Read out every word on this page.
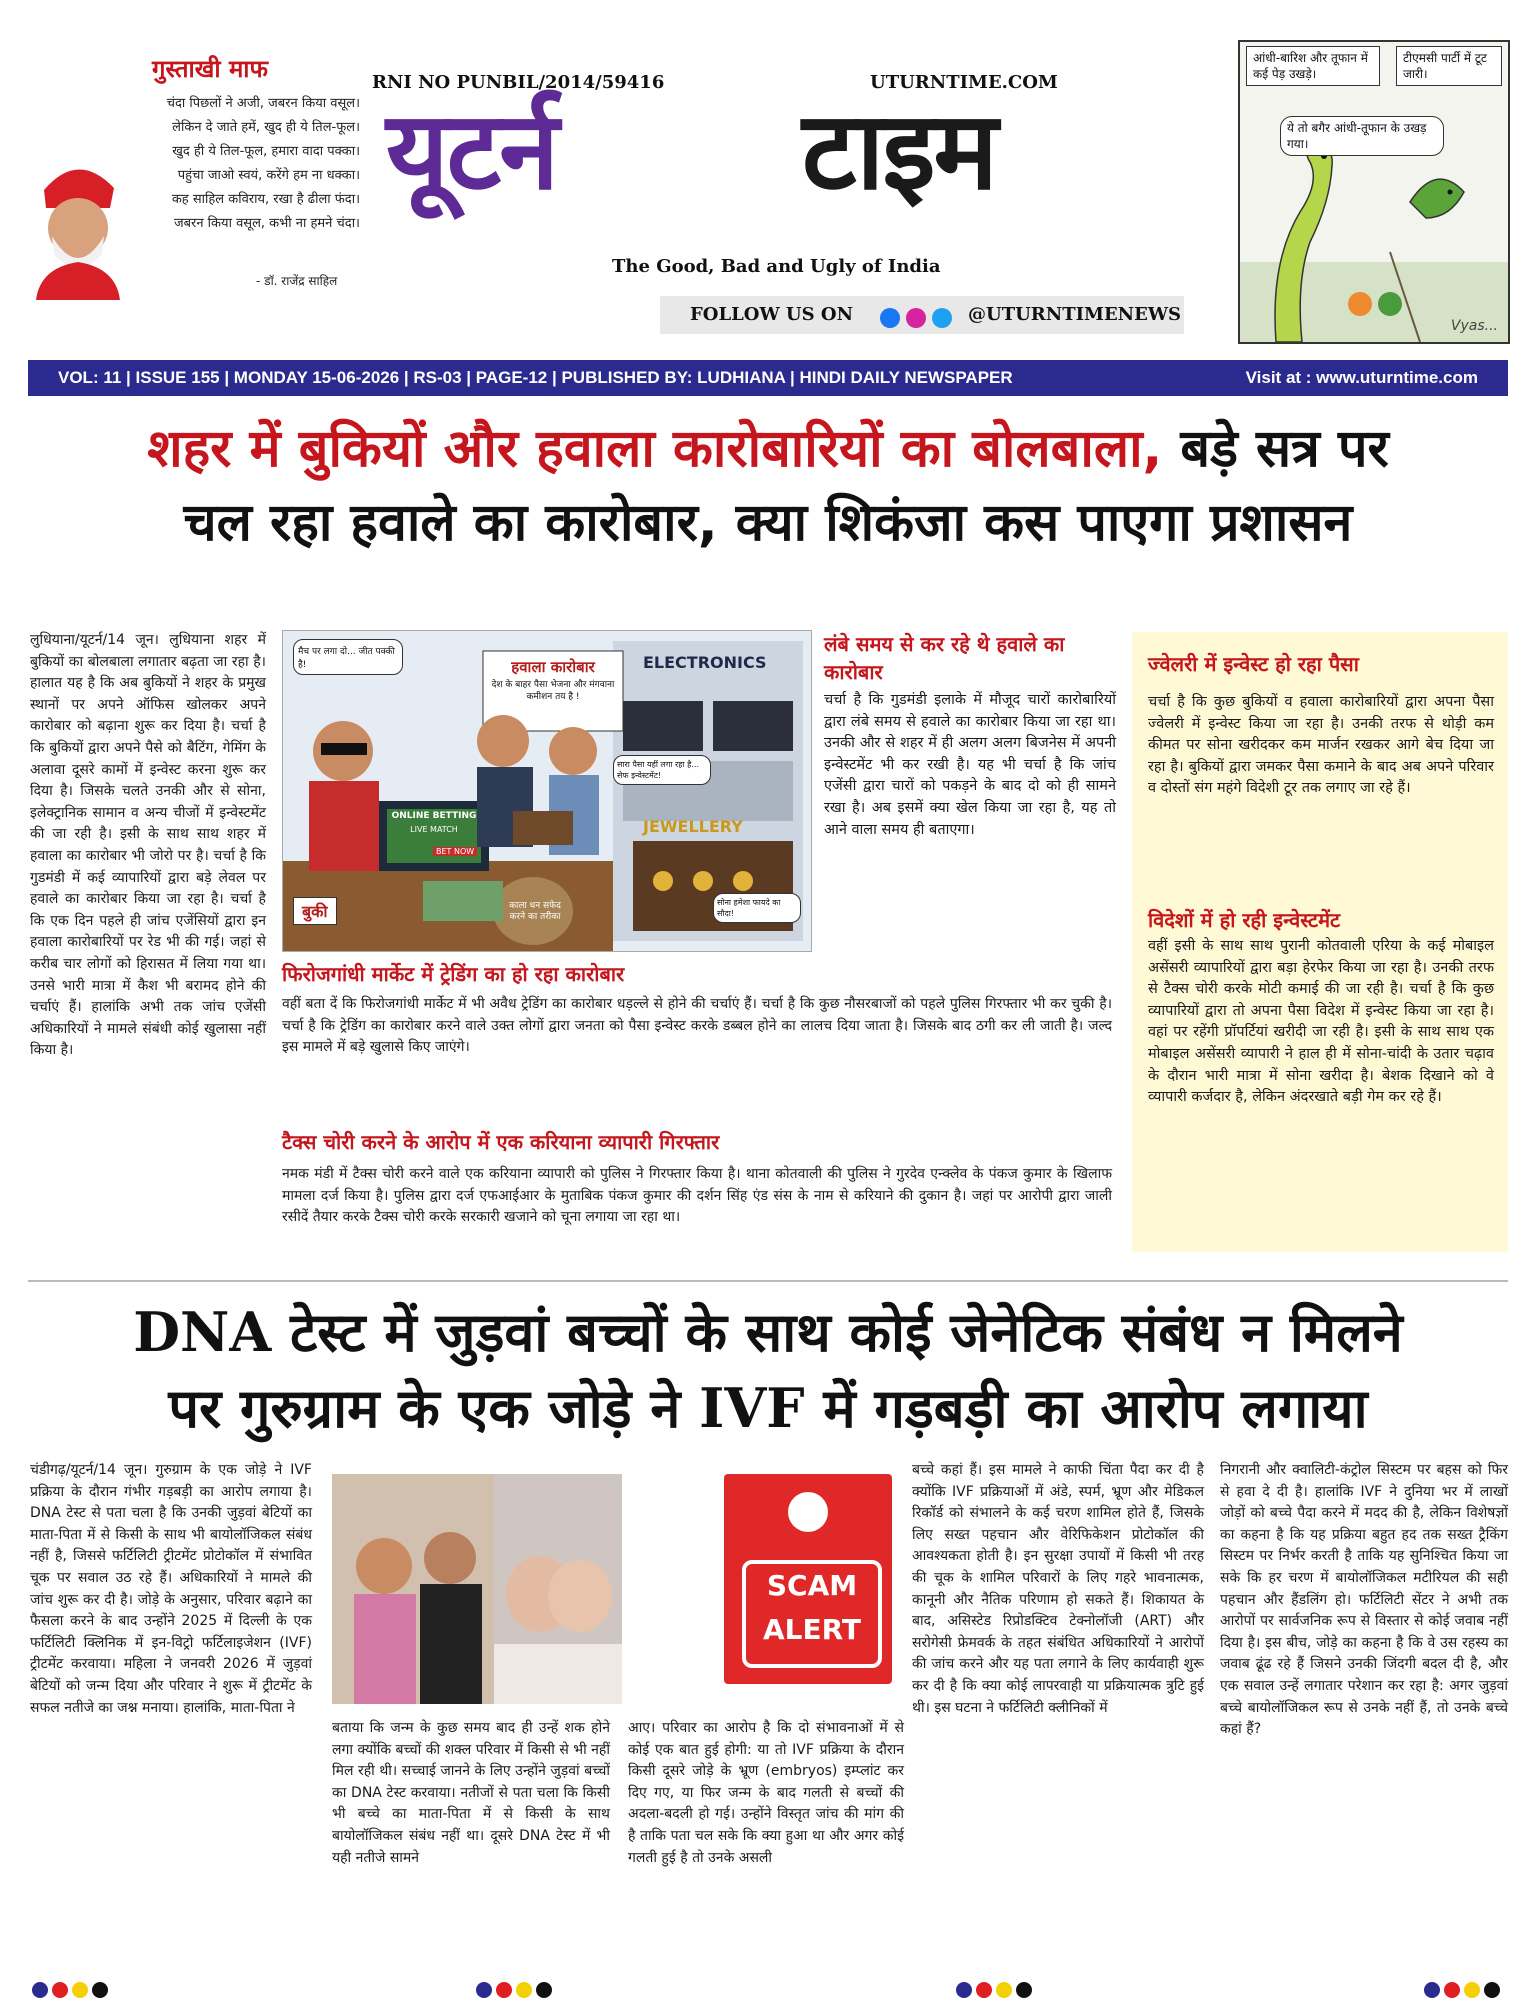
गुस्ताखी माफ
चंदा पिछलों ने अजी, जबरन किया वसूल।
लेकिन दे जाते हमें, खुद ही ये तिल-फूल।
खुद ही ये तिल-फूल, हमारा वादा पक्का।
पहुंचा जाओ स्वयं, करेंगे हम ना धक्का।
कह साहिल कविराय, रखा है ढीला फंदा।
जबरन किया वसूल, कभी ना हमने चंदा।
- डॉ. राजेंद्र साहिल
RNI NO PUNBIL/2014/59416	UTURNTIME.COM
यूटर्न टाइम
The Good, Bad and Ugly of India
FOLLOW US ON	@UTURNTIMENEWS
आंधी-बारिश और तूफान में कई पेड़ उखड़े।
टीएमसी पार्टी में टूट जारी।
ये तो बगैर आंधी-तूफान के उखड़ गया।
Vyas...
VOL: 11 | ISSUE 155 | MONDAY 15-06-2026 | RS-03 | PAGE-12 | PUBLISHED BY: LUDHIANA | HINDI DAILY NEWSPAPER	Visit at : www.uturntime.com
शहर में बुकियों और हवाला कारोबारियों का बोलबाला, बड़े सत्र पर
चल रहा हवाले का कारोबार, क्या शिकंजा कस पाएगा प्रशासन
लुधियाना/यूटर्न/14 जून। लुधियाना शहर में बुकियों का बोलबाला लगातार बढ़ता जा रहा है। हालात यह है कि अब बुकियों ने शहर के प्रमुख स्थानों पर अपने ऑफिस खोलकर अपने कारोबार को बढ़ाना शुरू कर दिया है। चर्चा है कि बुकियों द्वारा अपने पैसे को बैटिंग, गेमिंग के अलावा दूसरे कामों में इन्वेस्ट करना शुरू कर दिया है। जिसके चलते उनकी और से सोना, इलेक्ट्रानिक सामान व अन्य चीजों में इन्वेस्टमेंट की जा रही है। इसी के साथ साथ शहर में हवाला का कारोबार भी जोरो पर है। चर्चा है कि गुडमंडी में कई व्यापारियों द्वारा बड़े लेवल पर हवाले का कारोबार किया जा रहा है। चर्चा है कि एक दिन पहले ही जांच एजेंसियों द्वारा इन हवाला कारोबारियों पर रेड भी की गई। जहां से करीब चार लोगों को हिरासत में लिया गया था। उनसे भारी मात्रा में कैश भी बरामद होने की चर्चाएं हैं। हालांकि अभी तक जांच एजेंसी अधिकारियों ने मामले संबंधी कोई खुलासा नहीं किया है।
हवाला कारोबार
देश के बाहर पैसा भेजना और मंगवाना कमीशन तय है !
ELECTRONICS
JEWELLERY
ONLINE BETTING
LIVE MATCH
BET NOW
बुकी	काला धन सफेद करने का तरीका
मैच पर लगा दो... जीत पक्की है!
सारा पैसा यहीं लगा रहा है... सेफ इन्वेस्टमेंट!
सोना हमेशा फायदे का सौदा!
लंबे समय से कर रहे थे हवाले का कारोबार
चर्चा है कि गुडमंडी इलाके में मौजूद चारों कारोबारियों द्वारा लंबे समय से हवाले का कारोबार किया जा रहा था। उनकी और से शहर में ही अलग अलग बिजनेस में अपनी इन्वेस्टमेंट भी कर रखी है। यह भी चर्चा है कि जांच एजेंसी द्वारा चारों को पकड़ने के बाद दो को ही सामने रखा है। अब इसमें क्या खेल किया जा रहा है, यह तो आने वाला समय ही बताएगा।
फिरोजगांधी मार्केट में ट्रेडिंग का हो रहा कारोबार
वहीं बता दें कि फिरोजगांधी मार्केट में भी अवैध ट्रेडिंग का कारोबार धड़ल्ले से होने की चर्चाएं हैं। चर्चा है कि कुछ नौसरबाजों को पहले पुलिस गिरफ्तार भी कर चुकी है। चर्चा है कि ट्रेडिंग का कारोबार करने वाले उक्त लोगों द्वारा जनता को पैसा इन्वेस्ट करके डब्बल होने का लालच दिया जाता है। जिसके बाद ठगी कर ली जाती है। जल्द इस मामले में बड़े खुलासे किए जाएंगे।
टैक्स चोरी करने के आरोप में एक करियाना व्यापारी गिरफ्तार
नमक मंडी में टैक्स चोरी करने वाले एक करियाना व्यापारी को पुलिस ने गिरफ्तार किया है। थाना कोतवाली की पुलिस ने गुरदेव एन्क्लेव के पंकज कुमार के खिलाफ मामला दर्ज किया है। पुलिस द्वारा दर्ज एफआईआर के मुताबिक पंकज कुमार की दर्शन सिंह एंड संस के नाम से करियाने की दुकान है। जहां पर आरोपी द्वारा जाली रसीदें तैयार करके टैक्स चोरी करके सरकारी खजाने को चूना लगाया जा रहा था।
ज्वेलरी में इन्वेस्ट हो रहा पैसा
चर्चा है कि कुछ बुकियों व हवाला कारोबारियों द्वारा अपना पैसा ज्वेलरी में इन्वेस्ट किया जा रहा है। उनकी तरफ से थोड़ी कम कीमत पर सोना खरीदकर कम मार्जन रखकर आगे बेच दिया जा रहा है। बुकियों द्वारा जमकर पैसा कमाने के बाद अब अपने परिवार व दोस्तों संग महंगे विदेशी टूर तक लगाए जा रहे हैं।
विदेशों में हो रही इन्वेस्टमेंट
वहीं इसी के साथ साथ पुरानी कोतवाली एरिया के कई मोबाइल असेंसरी व्यापारियों द्वारा बड़ा हेरफेर किया जा रहा है। उनकी तरफ से टैक्स चोरी करके मोटी कमाई की जा रही है। चर्चा है कि कुछ व्यापारियों द्वारा तो अपना पैसा विदेश में इन्वेस्ट किया जा रहा है। वहां पर रहेंगी प्रॉपर्टियां खरीदी जा रही है। इसी के साथ साथ एक मोबाइल असेंसरी व्यापारी ने हाल ही में सोना-चांदी के उतार चढ़ाव के दौरान भारी मात्रा में सोना खरीदा है। बेशक दिखाने को वे व्यापारी कर्जदार है, लेकिन अंदरखाते बड़ी गेम कर रहे हैं।
DNA टेस्ट में जुड़वां बच्चों के साथ कोई जेनेटिक संबंध न मिलने
पर गुरुग्राम के एक जोड़े ने IVF में गड़बड़ी का आरोप लगाया
चंडीगढ़/यूटर्न/14 जून। गुरुग्राम के एक जोड़े ने IVF प्रक्रिया के दौरान गंभीर गड़बड़ी का आरोप लगाया है। DNA टेस्ट से पता चला है कि उनकी जुड़वां बेटियों का माता-पिता में से किसी के साथ भी बायोलॉजिकल संबंध नहीं है, जिससे फर्टिलिटी ट्रीटमेंट प्रोटोकॉल में संभावित चूक पर सवाल उठ रहे हैं। अधिकारियों ने मामले की जांच शुरू कर दी है। जोड़े के अनुसार, परिवार बढ़ाने का फैसला करने के बाद उन्होंने 2025 में दिल्ली के एक फर्टिलिटी क्लिनिक में इन-विट्रो फर्टिलाइजेशन (IVF) ट्रीटमेंट करवाया। महिला ने जनवरी 2026 में जुड़वां बेटियों को जन्म दिया और परिवार ने शुरू में ट्रीटमेंट के सफल नतीजे का जश्न मनाया। हालांकि, माता-पिता ने
बताया कि जन्म के कुछ समय बाद ही उन्हें शक होने लगा क्योंकि बच्चों की शक्ल परिवार में किसी से भी नहीं मिल रही थी। सच्चाई जानने के लिए उन्होंने जुड़वां बच्चों का DNA टेस्ट करवाया। नतीजों से पता चला कि किसी भी बच्चे का माता-पिता में से किसी के साथ बायोलॉजिकल संबंध नहीं था। दूसरे DNA टेस्ट में भी यही नतीजे सामने
SCAM
ALERT
आए। परिवार का आरोप है कि दो संभावनाओं में से कोई एक बात हुई होगी: या तो IVF प्रक्रिया के दौरान किसी दूसरे जोड़े के भ्रूण (embryos) इम्प्लांट कर दिए गए, या फिर जन्म के बाद गलती से बच्चों की अदला-बदली हो गई। उन्होंने विस्तृत जांच की मांग की है ताकि पता चल सके कि क्या हुआ था और अगर कोई गलती हुई है तो उनके असली
बच्चे कहां हैं। इस मामले ने काफी चिंता पैदा कर दी है क्योंकि IVF प्रक्रियाओं में अंडे, स्पर्म, भ्रूण और मेडिकल रिकॉर्ड को संभालने के कई चरण शामिल होते हैं, जिसके लिए सख्त पहचान और वेरिफिकेशन प्रोटोकॉल की आवश्यकता होती है। इन सुरक्षा उपायों में किसी भी तरह की चूक के शामिल परिवारों के लिए गहरे भावनात्मक, कानूनी और नैतिक परिणाम हो सकते हैं। शिकायत के बाद, असिस्टेड रिप्रोडक्टिव टेक्नोलॉजी (ART) और सरोगेसी फ्रेमवर्क के तहत संबंधित अधिकारियों ने आरोपों की जांच करने और यह पता लगाने के लिए कार्यवाही शुरू कर दी है कि क्या कोई लापरवाही या प्रक्रियात्मक त्रुटि हुई थी। इस घटना ने फर्टिलिटी क्लीनिकों में
निगरानी और क्वालिटी-कंट्रोल सिस्टम पर बहस को फिर से हवा दे दी है। हालांकि IVF ने दुनिया भर में लाखों जोड़ों को बच्चे पैदा करने में मदद की है, लेकिन विशेषज्ञों का कहना है कि यह प्रक्रिया बहुत हद तक सख्त ट्रैकिंग सिस्टम पर निर्भर करती है ताकि यह सुनिश्चित किया जा सके कि हर चरण में बायोलॉजिकल मटीरियल की सही पहचान और हैंडलिंग हो। फर्टिलिटी सेंटर ने अभी तक आरोपों पर सार्वजनिक रूप से विस्तार से कोई जवाब नहीं दिया है। इस बीच, जोड़े का कहना है कि वे उस रहस्य का जवाब ढूंढ रहे हैं जिसने उनकी जिंदगी बदल दी है, और एक सवाल उन्हें लगातार परेशान कर रहा है: अगर जुड़वां बच्चे बायोलॉजिकल रूप से उनके नहीं हैं, तो उनके बच्चे कहां हैं?
